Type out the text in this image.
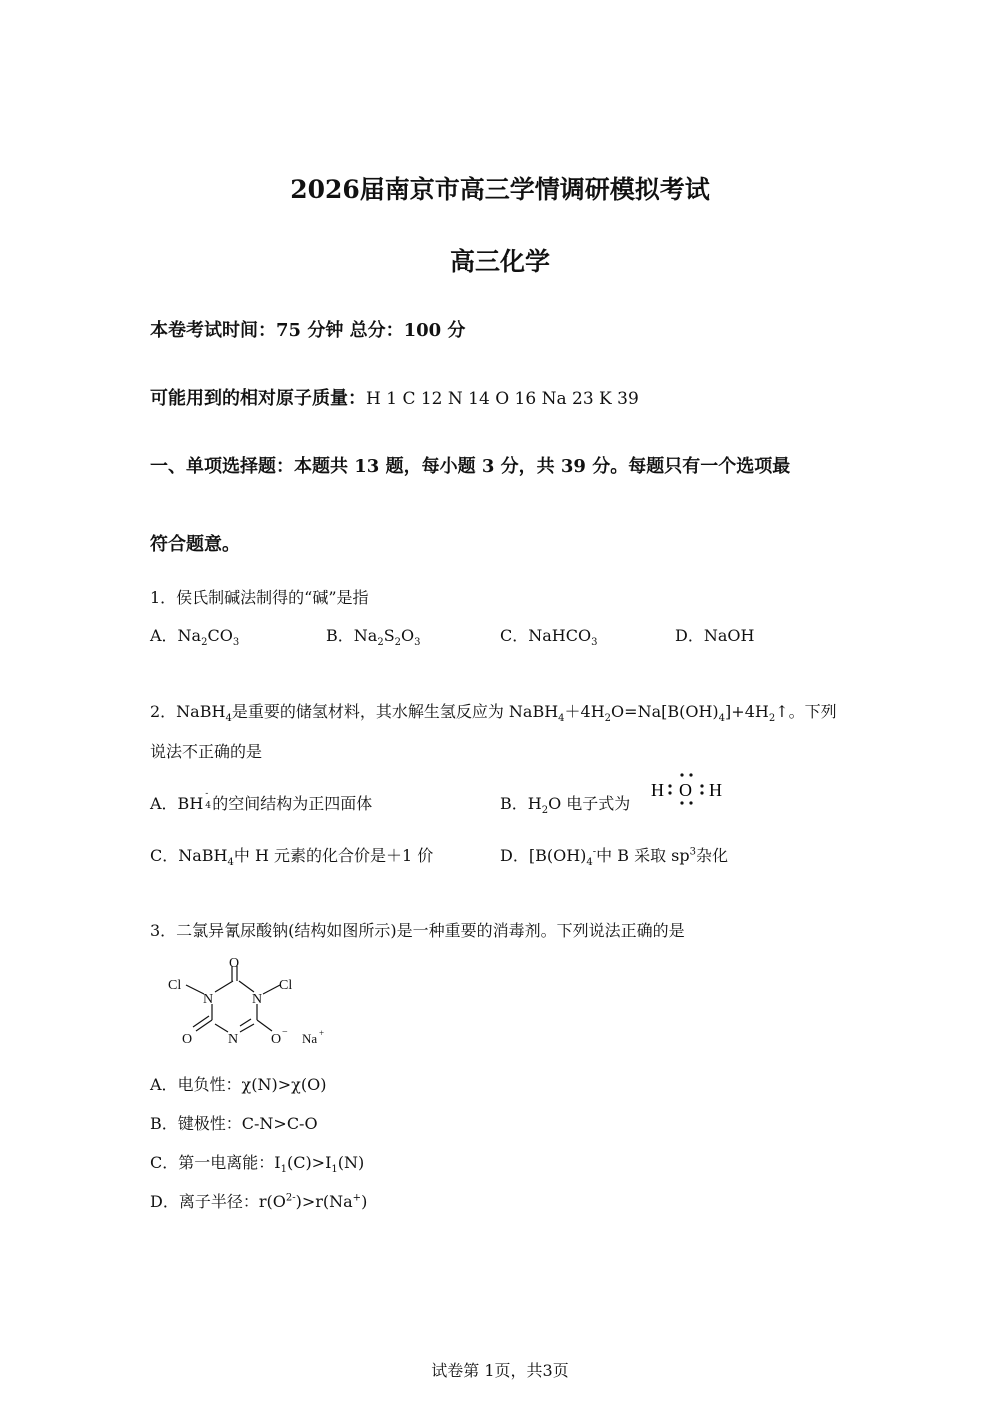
2026届南京市高三学情调研模拟考试
高三化学
本卷考试时间：75 分钟 总分：100 分
可能用到的相对原子质量：H 1 C 12 N 14 O 16 Na 23 K 39
一、单项选择题：本题共 13 题，每小题 3 分，共 39 分。每题只有一个选项最
符合题意。
1．侯氏制碱法制得的“碱”是指
A．$Na_2CO_3$	B．$Na_2S_2O_3$	C．NaHCO$_3$	D．NaOH
2．NaBH$_4$是重要的储氢材料，其水解生氢反应为 $NaBH_4+4H_2O=Na[B(OH)_4]+4H_2↑$。下列
说法不正确的是
A．BH -
4 的空间结构为正四面体	B．$H_2O$ 电子式为
H O H
C．NaBH$_4$中 H 元素的化合价是＋1 价	D．[$B(OH)_4^-$中 B 采取 $sp^3$杂化
3．二氯异氰尿酸钠(结构如图所示)是一种重要的消毒剂。下列说法正确的是
O
Cl	Cl
N	N
N
O	O − Na +
A．电负性：χ(N)>χ(O)
B．键极性：C-N>C-O
C．第一电离能：$I_1(C)>I_1(N)$
D．离子半径：$r(O^{2-})>r(Na^+)$
试卷第 1页，共3页
